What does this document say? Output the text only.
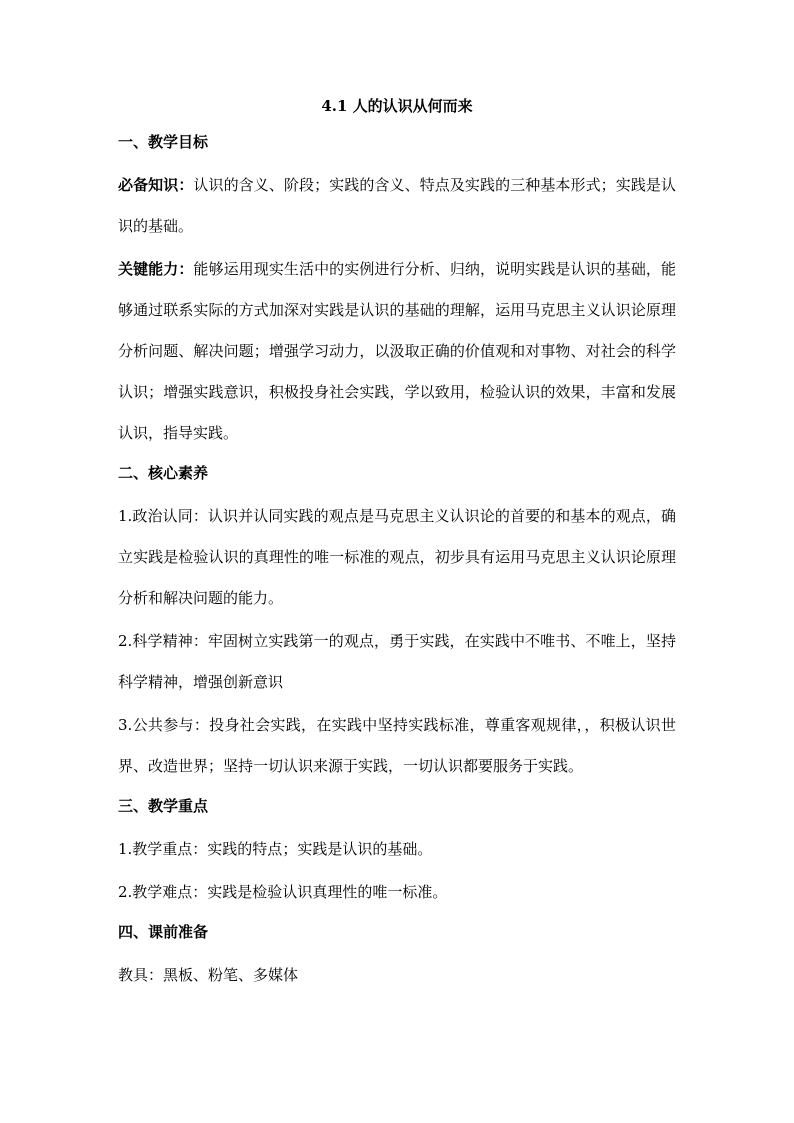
4.1 人的认识从何而来
一、教学目标

必备知识：认识的含义、阶段；实践的含义、特点及实践的三种基本形式；实践是认识的基础。

关键能力：能够运用现实生活中的实例进行分析、归纳，说明实践是认识的基础，能够通过联系实际的方式加深对实践是认识的基础的理解，运用马克思主义认识论原理分析问题、解决问题；增强学习动力，以汲取正确的价值观和对事物、对社会的科学认识；增强实践意识，积极投身社会实践，学以致用，检验认识的效果，丰富和发展认识，指导实践。

二、核心素养

1.政治认同：认识并认同实践的观点是马克思主义认识论的首要的和基本的观点，确立实践是检验认识的真理性的唯一标准的观点，初步具有运用马克思主义认识论原理分析和解决问题的能力。

2.科学精神：牢固树立实践第一的观点，勇于实践，在实践中不唯书、不唯上，坚持科学精神，增强创新意识

3.公共参与：投身社会实践，在实践中坚持实践标准，尊重客观规律，，积极认识世界、改造世界；坚持一切认识来源于实践，一切认识都要服务于实践。

三、教学重点

1.教学重点：实践的特点；实践是认识的基础。

2.教学难点：实践是检验认识真理性的唯一标准。

四、课前准备

教具：黑板、粉笔、多媒体
